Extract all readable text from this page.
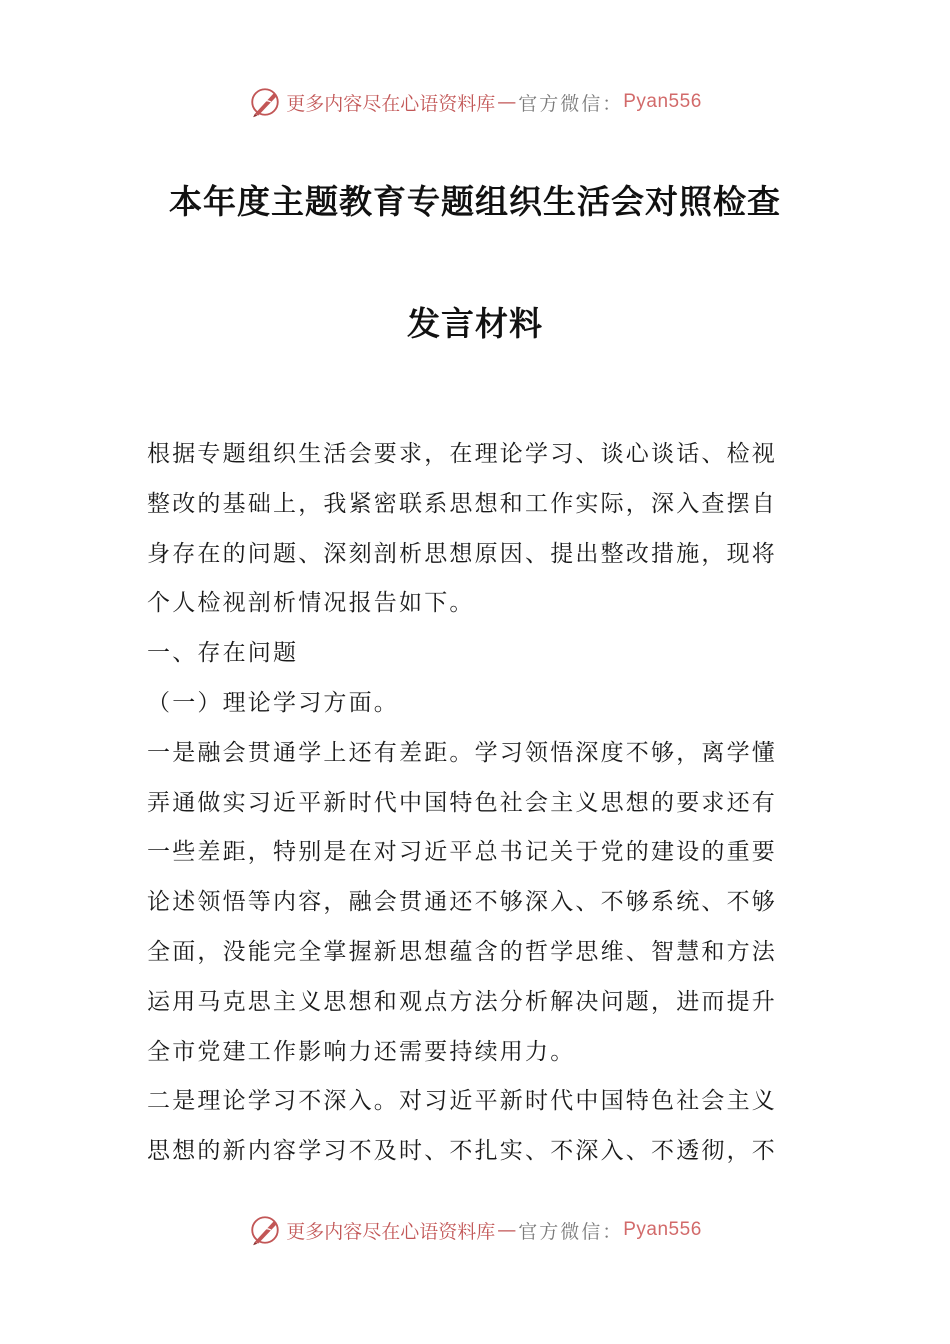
更多内容尽在心语资料库 — 官方微信： Pyan556
本年度主题教育专题组织生活会对照检查
发言材料
根据专题组织生活会要求，在理论学习、谈心谈话、检视
整改的基础上，我紧密联系思想和工作实际，深入查摆自
身存在的问题、深刻剖析思想原因、提出整改措施，现将
个人检视剖析情况报告如下。
一、存在问题
（一）理论学习方面。
一是融会贯通学上还有差距。学习领悟深度不够，离学懂
弄通做实习近平新时代中国特色社会主义思想的要求还有
一些差距，特别是在对习近平总书记关于党的建设的重要
论述领悟等内容，融会贯通还不够深入、不够系统、不够
全面，没能完全掌握新思想蕴含的哲学思维、智慧和方法
运用马克思主义思想和观点方法分析解决问题，进而提升
全市党建工作影响力还需要持续用力。
二是理论学习不深入。对习近平新时代中国特色社会主义
思想的新内容学习不及时、不扎实、不深入、不透彻，不
更多内容尽在心语资料库 — 官方微信： Pyan556
